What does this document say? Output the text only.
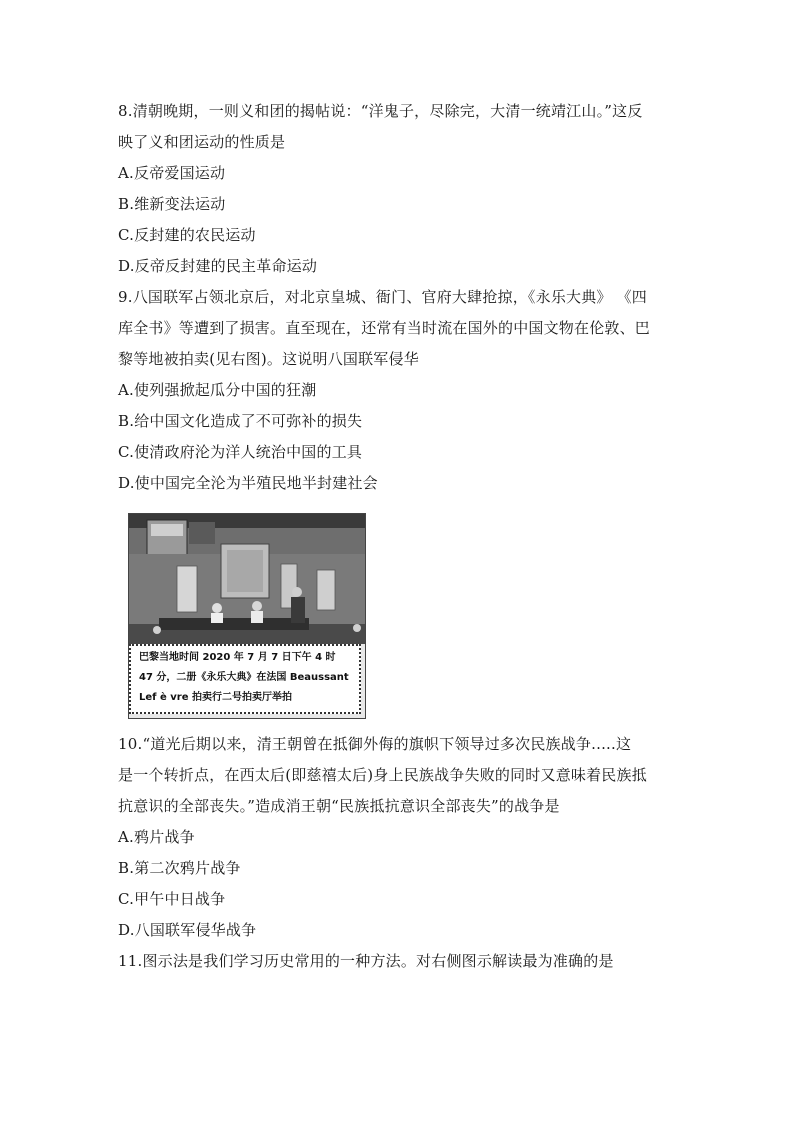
8.清朝晚期，一则义和团的揭帖说：“洋鬼子，尽除完，大清一统靖江山。”这反
映了义和团运动的性质是
A.反帝爱国运动
B.维新变法运动
C.反封建的农民运动
D.反帝反封建的民主革命运动
9.八国联军占领北京后，对北京皇城、衙门、官府大肆抢掠，《永乐大典》 《四
库全书》等遭到了损害。直至现在，还常有当时流在国外的中国文物在伦敦、巴
黎等地被拍卖(见右图)。这说明八国联军侵华
A.使列强掀起瓜分中国的狂潮
B.给中国文化造成了不可弥补的损失
C.使清政府沦为洋人统治中国的工具
D.使中国完全沦为半殖民地半封建社会
巴黎当地时间 2020 年 7 月 7 日下午 4 时
47 分，二册《永乐大典》在法国 Beaussant
Lef è vre 拍卖行二号拍卖厅举拍
10.“道光后期以来，清王朝曾在抵御外侮的旗帜下领导过多次民族战争.....这
是一个转折点，在西太后(即慈禧太后)身上民族战争失败的同时又意味着民族抵
抗意识的全部丧失。”造成消王朝“民族抵抗意识全部丧失”的战争是
A.鸦片战争
B.第二次鸦片战争
C.甲午中日战争
D.八国联军侵华战争
11.图示法是我们学习历史常用的一种方法。对右侧图示解读最为准确的是
